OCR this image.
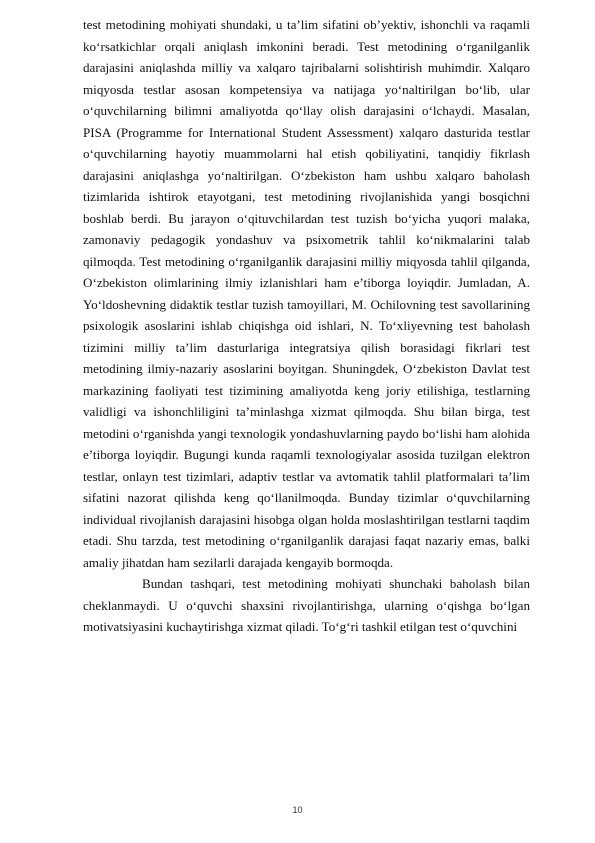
test metodining mohiyati shundaki, u ta’lim sifatini ob’yektiv, ishonchli va raqamli ko‘rsatkichlar orqali aniqlash imkonini beradi. Test metodining o‘rganilganlik darajasini aniqlashda milliy va xalqaro tajribalarni solishtirish muhimdir. Xalqaro miqyosda testlar asosan kompetensiya va natijaga yo‘naltirilgan bo‘lib, ular o‘quvchilarning bilimni amaliyotda qo‘llay olish darajasini o‘lchaydi. Masalan, PISA (Programme for International Student Assessment) xalqaro dasturida testlar o‘quvchilarning hayotiy muammolarni hal etish qobiliyatini, tanqidiy fikrlash darajasini aniqlashga yo‘naltirilgan. O‘zbekiston ham ushbu xalqaro baholash tizimlarida ishtirok etayotgani, test metodining rivojlanishida yangi bosqichni boshlab berdi. Bu jarayon o‘qituvchilardan test tuzish bo‘yicha yuqori malaka, zamonaviy pedagogik yondashuv va psixometrik tahlil ko‘nikmalarini talab qilmoqda. Test metodining o‘rganilganlik darajasini milliy miqyosda tahlil qilganda, O‘zbekiston olimlarining ilmiy izlanishlari ham e’tiborga loyiqdir. Jumladan, A. Yo‘ldoshevning didaktik testlar tuzish tamoyillari, M. Ochilovning test savollarining psixologik asoslarini ishlab chiqishga oid ishlari, N. To‘xliyevning test baholash tizimini milliy ta’lim dasturlariga integratsiya qilish borasidagi fikrlari test metodining ilmiy-nazariy asoslarini boyitgan. Shuningdek, O‘zbekiston Davlat test markazining faoliyati test tizimining amaliyotda keng joriy etilishiga, testlarning validligi va ishonchliligini ta’minlashga xizmat qilmoqda. Shu bilan birga, test metodini o‘rganishda yangi texnologik yondashuvlarning paydo bo‘lishi ham alohida e’tiborga loyiqdir. Bugungi kunda raqamli texnologiyalar asosida tuzilgan elektron testlar, onlayn test tizimlari, adaptiv testlar va avtomatik tahlil platformalari ta’lim sifatini nazorat qilishda keng qo‘llanilmoqda. Bunday tizimlar o‘quvchilarning individual rivojlanish darajasini hisobga olgan holda moslashtirilgan testlarni taqdim etadi. Shu tarzda, test metodining o‘rganilganlik darajasi faqat nazariy emas, balki amaliy jihatdan ham sezilarli darajada kengayib bormoqda.

Bundan tashqari, test metodining mohiyati shunchaki baholash bilan cheklanmaydi. U o‘quvchi shaxsini rivojlantirishga, ularning o‘qishga bo‘lgan motivatsiyasini kuchaytirishga xizmat qiladi. To‘g‘ri tashkil etilgan test o‘quvchini

10
